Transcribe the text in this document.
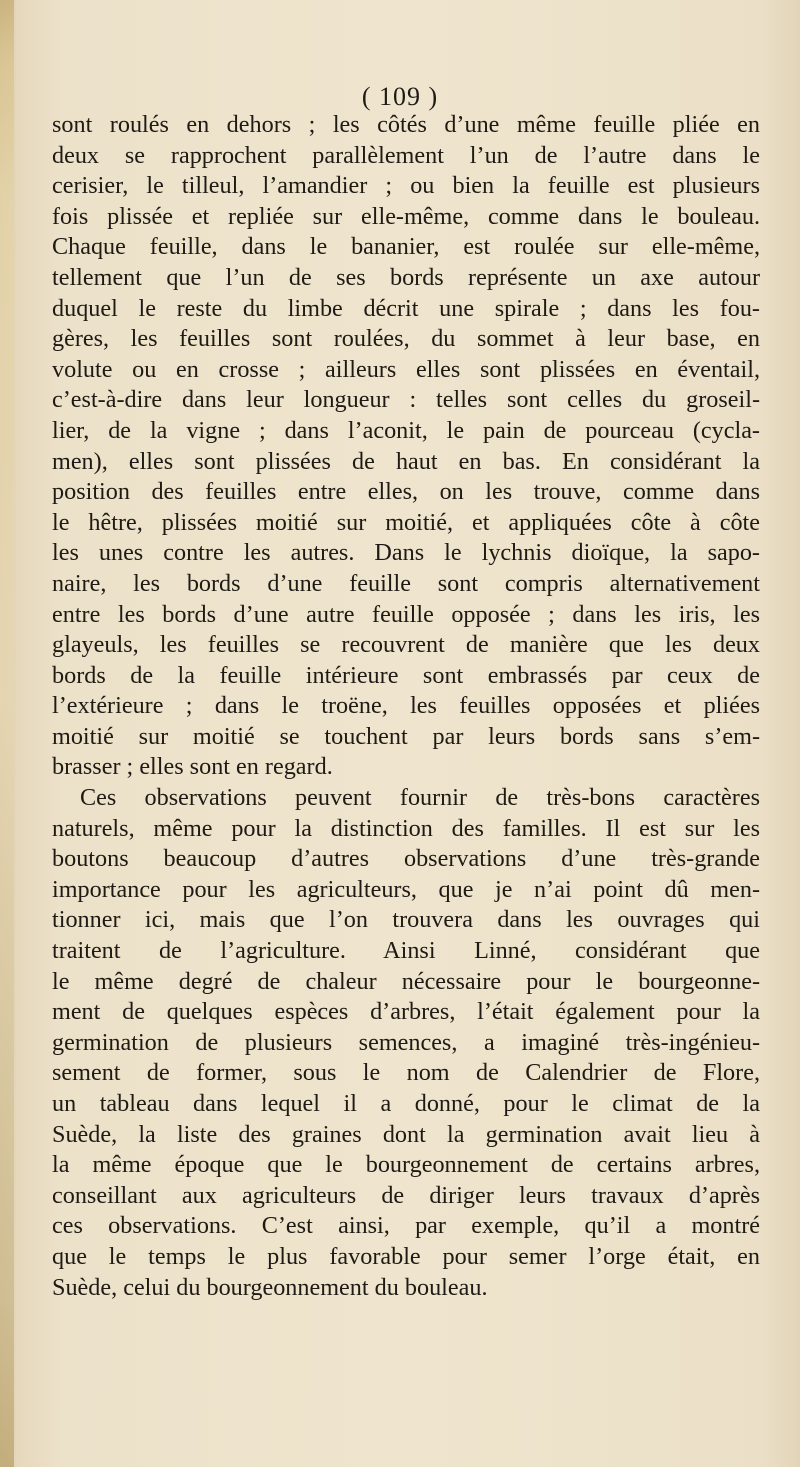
( 109 )
sont roulés en dehors ; les côtés d’une même feuille pliée en
deux se rapprochent parallèlement l’un de l’autre dans le
cerisier, le tilleul, l’amandier ; ou bien la feuille est plusieurs
fois plissée et repliée sur elle-même, comme dans le bouleau.
Chaque feuille, dans le bananier, est roulée sur elle-même,
tellement que l’un de ses bords représente un axe autour
duquel le reste du limbe décrit une spirale ; dans les fou-
gères, les feuilles sont roulées, du sommet à leur base, en
volute ou en crosse ; ailleurs elles sont plissées en éventail,
c’est-à-dire dans leur longueur : telles sont celles du groseil-
lier, de la vigne ; dans l’aconit, le pain de pourceau (cycla-
men), elles sont plissées de haut en bas. En considérant la
position des feuilles entre elles, on les trouve, comme dans
le hêtre, plissées moitié sur moitié, et appliquées côte à côte
les unes contre les autres. Dans le lychnis dioïque, la sapo-
naire, les bords d’une feuille sont compris alternativement
entre les bords d’une autre feuille opposée ; dans les iris, les
glayeuls, les feuilles se recouvrent de manière que les deux
bords de la feuille intérieure sont embrassés par ceux de
l’extérieure ; dans le troëne, les feuilles opposées et pliées
moitié sur moitié se touchent par leurs bords sans s’em-
brasser ; elles sont en regard.
Ces observations peuvent fournir de très-bons caractères
naturels, même pour la distinction des familles. Il est sur les
boutons beaucoup d’autres observations d’une très-grande
importance pour les agriculteurs, que je n’ai point dû men-
tionner ici, mais que l’on trouvera dans les ouvrages qui
traitent de l’agriculture. Ainsi Linné, considérant que
le même degré de chaleur nécessaire pour le bourgeonne-
ment de quelques espèces d’arbres, l’était également pour la
germination de plusieurs semences, a imaginé très-ingénieu-
sement de former, sous le nom de Calendrier de Flore,
un tableau dans lequel il a donné, pour le climat de la
Suède, la liste des graines dont la germination avait lieu à
la même époque que le bourgeonnement de certains arbres,
conseillant aux agriculteurs de diriger leurs travaux d’après
ces observations. C’est ainsi, par exemple, qu’il a montré
que le temps le plus favorable pour semer l’orge était, en
Suède, celui du bourgeonnement du bouleau.
